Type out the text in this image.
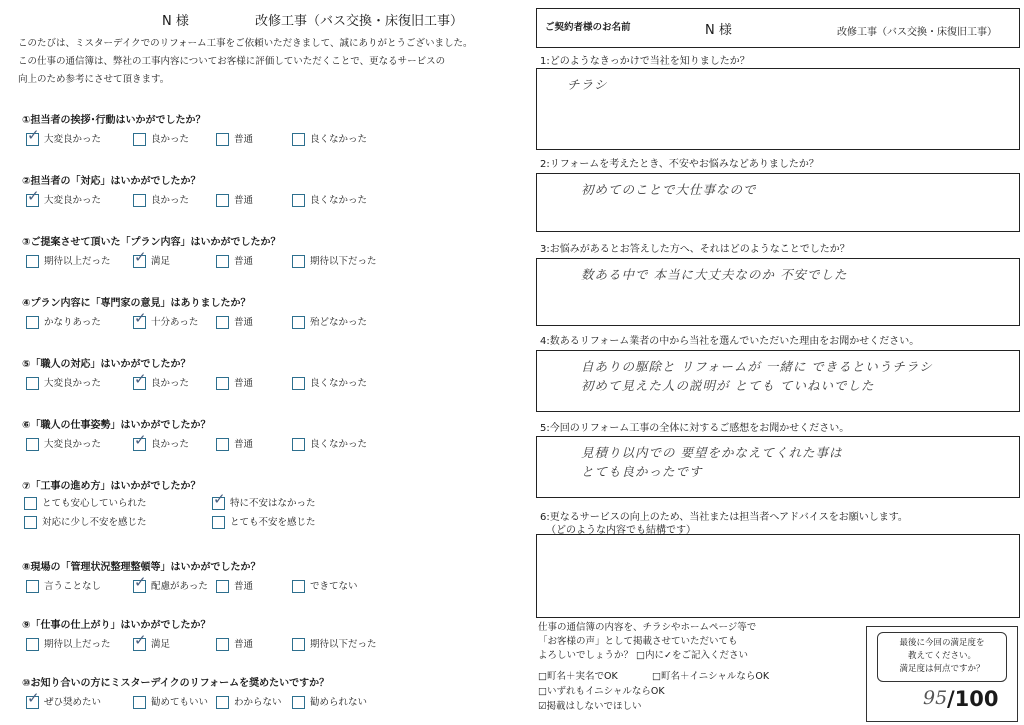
N 様	改修工事（バス交換・床復旧工事）
このたびは、ミスターデイクでのリフォーム工事をご依頼いただきまして、誠にありがとうございました。
この仕事の通信簿は、弊社の工事内容についてお客様に評価していただくことで、更なるサービスの
向上のため参考にさせて頂きます。
①担当者の挨拶･行動はいかがでしたか？
✓大変良かった	良かった	普通	良くなかった
②担当者の「対応」はいかがでしたか？
✓大変良かった	良かった	普通	良くなかった
③ご提案させて頂いた「プラン内容」はいかがでしたか？
期待以上だった ✓	満足	普通	期待以下だった
④プラン内容に「専門家の意見」はありましたか？
かなりあった ✓	十分あった	普通	殆どなかった
⑤「職人の対応」はいかがでしたか？
大変良かった ✓	良かった	普通	良くなかった
⑥「職人の仕事姿勢」はいかがでしたか？
大変良かった ✓	良かった	普通	良くなかった
⑦「工事の進め方」はいかがでしたか？
とても安心していられた ✓	特に不安はなかった
対応に少し不安を感じた	とても不安を感じた
⑧現場の「管理状況整理整頓等」はいかがでしたか？
言うことなし ✓	配慮があった	普通	できてない
⑨「仕事の仕上がり」はいかがでしたか？
期待以上だった ✓	満足	普通	期待以下だった
⑩お知り合いの方にミスターデイクのリフォームを奨めたいですか？
✓ぜひ奨めたい	勧めてもいい	わからない	勧められない
ご契約者様のお名前	N 様	改修工事（バス交換・床復旧工事）
1:どのようなきっかけで当社を知りましたか？
チラシ
2:リフォームを考えたとき、不安やお悩みなどありましたか？
初めてのことで大仕事なので
3:お悩みがあるとお答えした方へ、それはどのようなことでしたか？
数ある中で 本当に大丈夫なのか 不安でした
4:数あるリフォーム業者の中から当社を選んでいただいた理由をお聞かせください。
自ありの駆除と リフォームが 一緒に できるというチラシ
初めて見えた人の説明が とても ていねいでした
5:今回のリフォーム工事の全体に対するご感想をお聞かせください。
見積り以内での 要望をかなえてくれた事は
とても良かったです
6:更なるサービスの向上のため、当社または担当者へアドバイスをお願いします。
（どのような内容でも結構です）
仕事の通信簿の内容を、チラシやホームページ等で
「お客様の声」として掲載させていただいても
よろしいでしょうか？ □内に✓をご記入ください
□町名＋実名でOK	□町名＋イニシャルならOK
□いずれもイニシャルならOK
☑掲載はしないでほしい
最後に今回の満足度を
教えてください。
満足度は何点ですか？
95 /100
